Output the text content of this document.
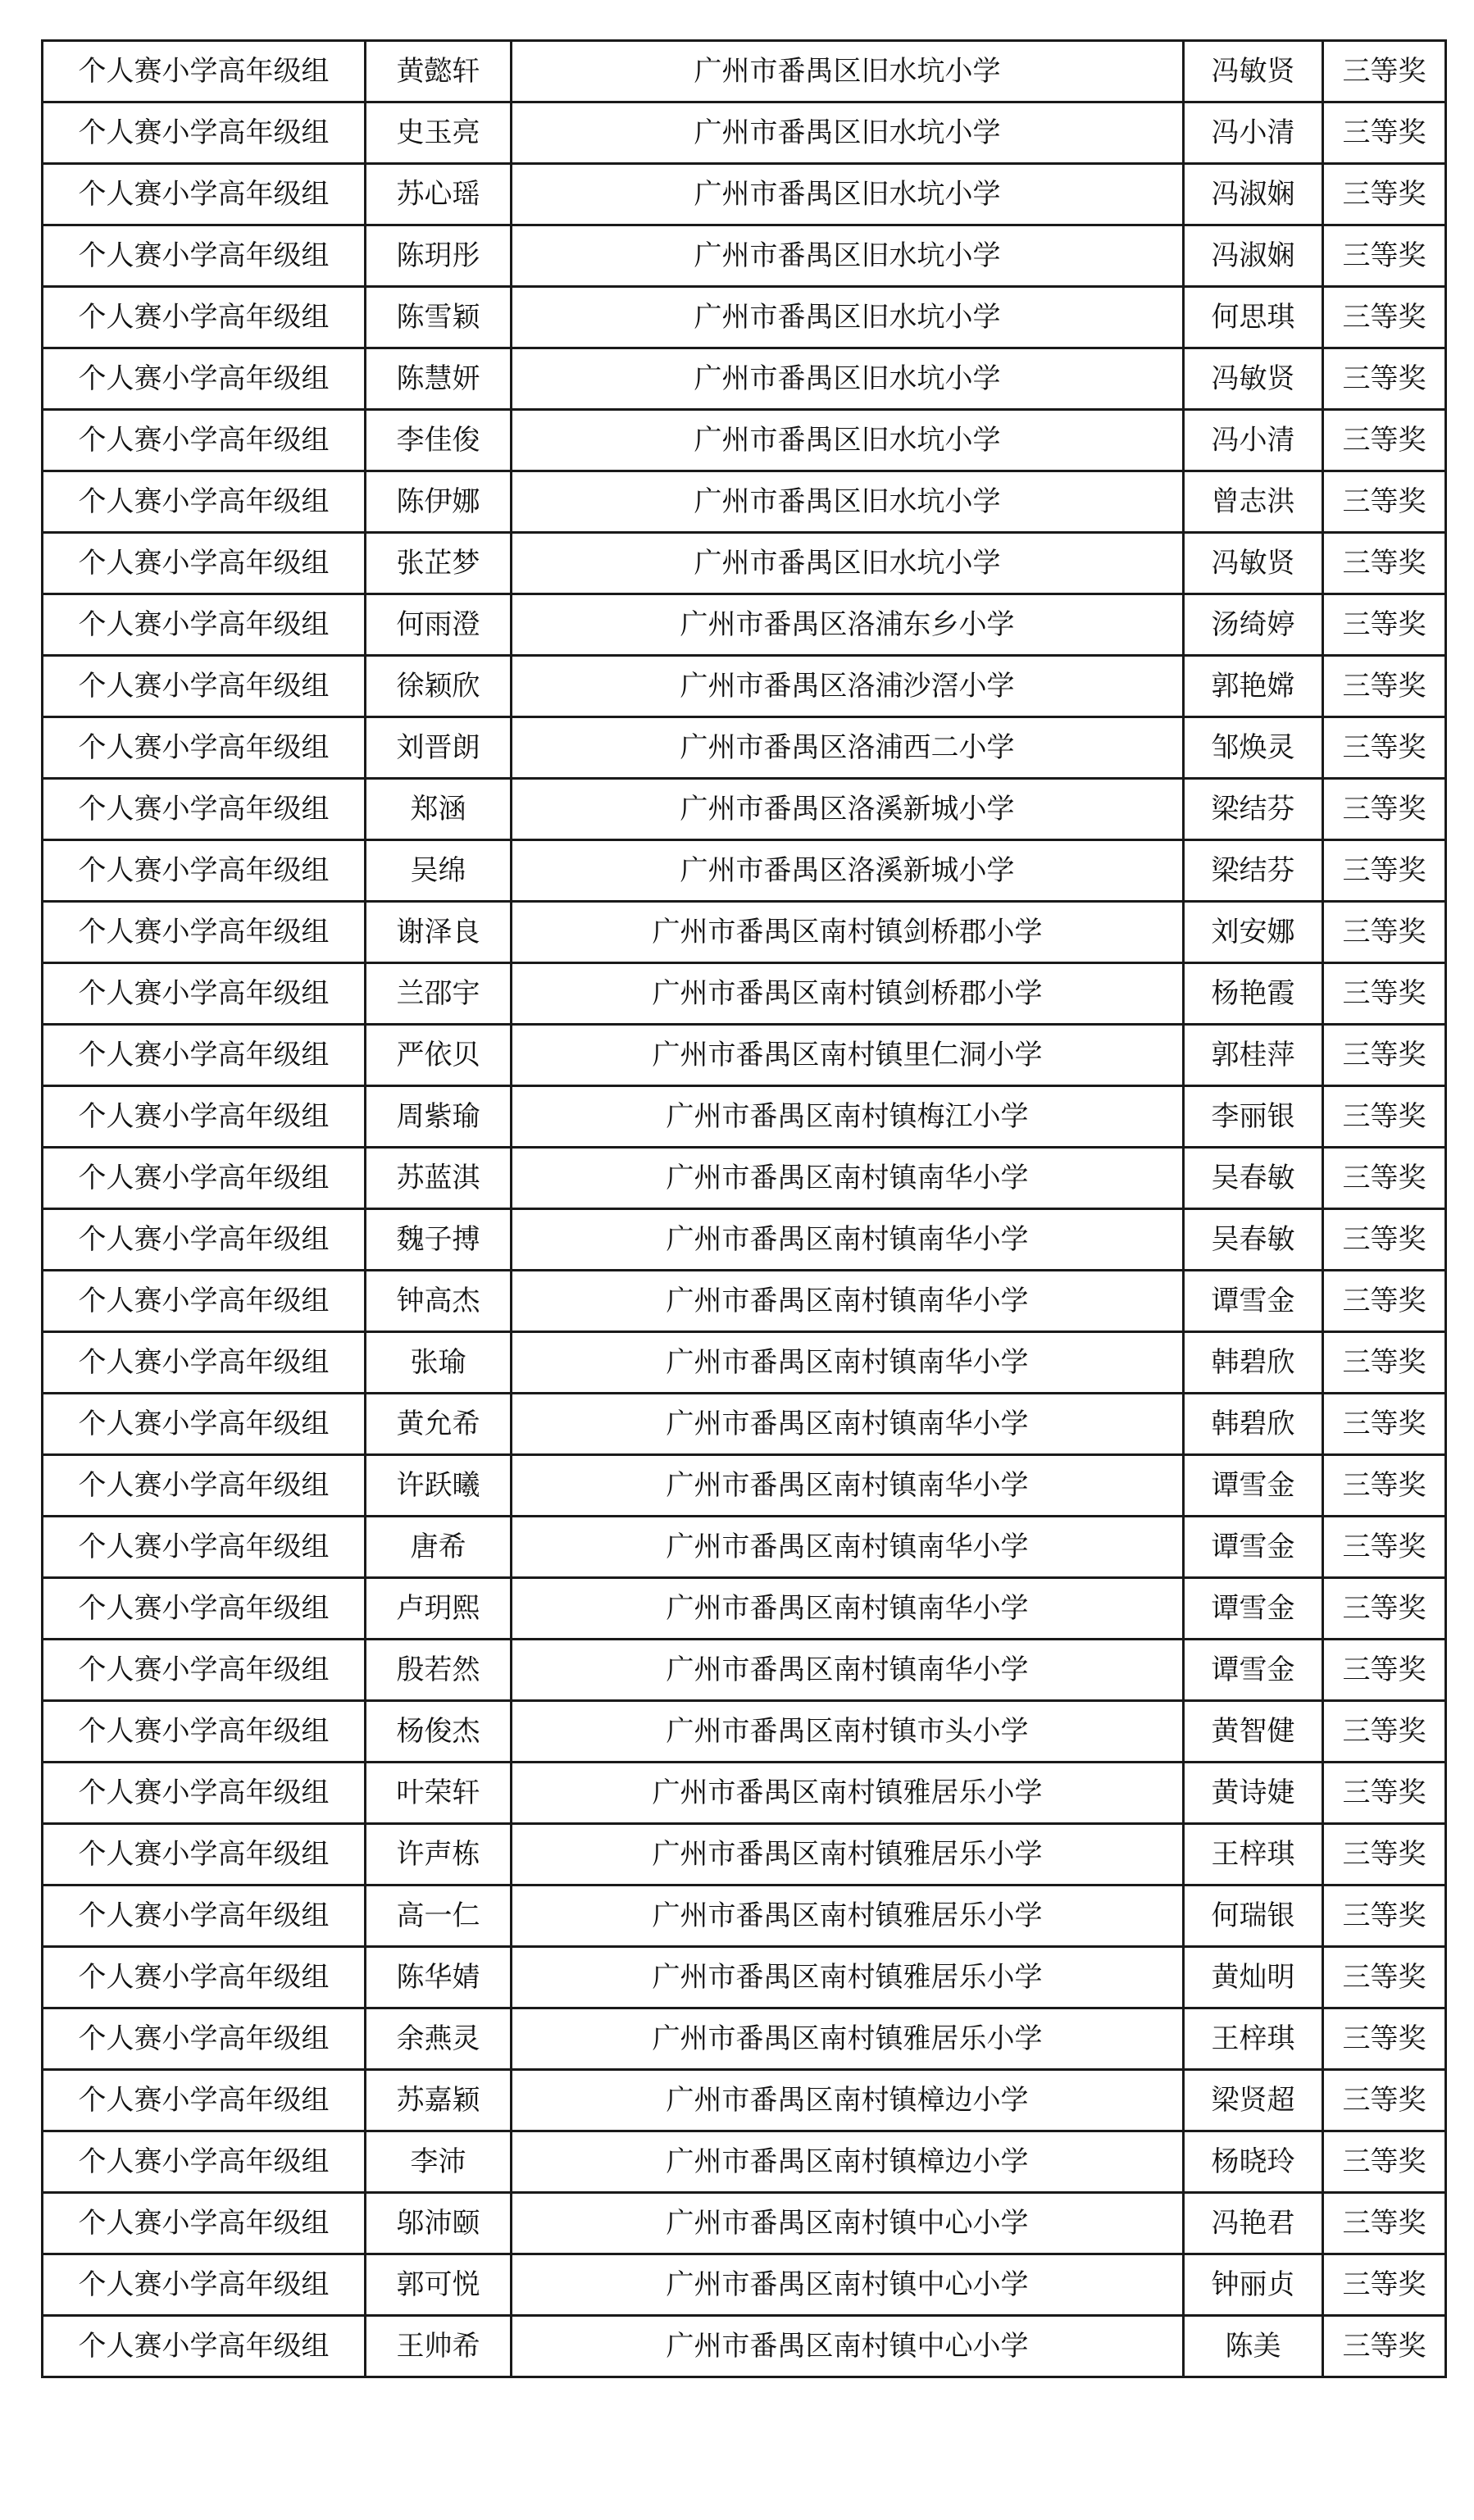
个人赛小学高年级组	黄懿轩	广州市番禺区旧水坑小学	冯敏贤	三等奖
个人赛小学高年级组	史玉亮	广州市番禺区旧水坑小学	冯小清	三等奖
个人赛小学高年级组	苏心瑶	广州市番禺区旧水坑小学	冯淑娴	三等奖
个人赛小学高年级组	陈玥彤	广州市番禺区旧水坑小学	冯淑娴	三等奖
个人赛小学高年级组	陈雪颖	广州市番禺区旧水坑小学	何思琪	三等奖
个人赛小学高年级组	陈慧妍	广州市番禺区旧水坑小学	冯敏贤	三等奖
个人赛小学高年级组	李佳俊	广州市番禺区旧水坑小学	冯小清	三等奖
个人赛小学高年级组	陈伊娜	广州市番禺区旧水坑小学	曾志洪	三等奖
个人赛小学高年级组	张芷梦	广州市番禺区旧水坑小学	冯敏贤	三等奖
个人赛小学高年级组	何雨澄	广州市番禺区洛浦东乡小学	汤绮婷	三等奖
个人赛小学高年级组	徐颖欣	广州市番禺区洛浦沙滘小学	郭艳嫦	三等奖
个人赛小学高年级组	刘晋朗	广州市番禺区洛浦西二小学	邹焕灵	三等奖
个人赛小学高年级组	郑涵	广州市番禺区洛溪新城小学	梁结芬	三等奖
个人赛小学高年级组	吴绵	广州市番禺区洛溪新城小学	梁结芬	三等奖
个人赛小学高年级组	谢泽良	广州市番禺区南村镇剑桥郡小学	刘安娜	三等奖
个人赛小学高年级组	兰邵宇	广州市番禺区南村镇剑桥郡小学	杨艳霞	三等奖
个人赛小学高年级组	严依贝	广州市番禺区南村镇里仁洞小学	郭桂萍	三等奖
个人赛小学高年级组	周紫瑜	广州市番禺区南村镇梅江小学	李丽银	三等奖
个人赛小学高年级组	苏蓝淇	广州市番禺区南村镇南华小学	吴春敏	三等奖
个人赛小学高年级组	魏子搏	广州市番禺区南村镇南华小学	吴春敏	三等奖
个人赛小学高年级组	钟高杰	广州市番禺区南村镇南华小学	谭雪金	三等奖
个人赛小学高年级组	张瑜	广州市番禺区南村镇南华小学	韩碧欣	三等奖
个人赛小学高年级组	黄允希	广州市番禺区南村镇南华小学	韩碧欣	三等奖
个人赛小学高年级组	许跃曦	广州市番禺区南村镇南华小学	谭雪金	三等奖
个人赛小学高年级组	唐希	广州市番禺区南村镇南华小学	谭雪金	三等奖
个人赛小学高年级组	卢玥熙	广州市番禺区南村镇南华小学	谭雪金	三等奖
个人赛小学高年级组	殷若然	广州市番禺区南村镇南华小学	谭雪金	三等奖
个人赛小学高年级组	杨俊杰	广州市番禺区南村镇市头小学	黄智健	三等奖
个人赛小学高年级组	叶荣轩	广州市番禺区南村镇雅居乐小学	黄诗婕	三等奖
个人赛小学高年级组	许声栋	广州市番禺区南村镇雅居乐小学	王梓琪	三等奖
个人赛小学高年级组	高一仁	广州市番禺区南村镇雅居乐小学	何瑞银	三等奖
个人赛小学高年级组	陈华婧	广州市番禺区南村镇雅居乐小学	黄灿明	三等奖
个人赛小学高年级组	余燕灵	广州市番禺区南村镇雅居乐小学	王梓琪	三等奖
个人赛小学高年级组	苏嘉颖	广州市番禺区南村镇樟边小学	梁贤超	三等奖
个人赛小学高年级组	李沛	广州市番禺区南村镇樟边小学	杨晓玲	三等奖
个人赛小学高年级组	邬沛颐	广州市番禺区南村镇中心小学	冯艳君	三等奖
个人赛小学高年级组	郭可悦	广州市番禺区南村镇中心小学	钟丽贞	三等奖
个人赛小学高年级组	王帅希	广州市番禺区南村镇中心小学	陈美	三等奖
